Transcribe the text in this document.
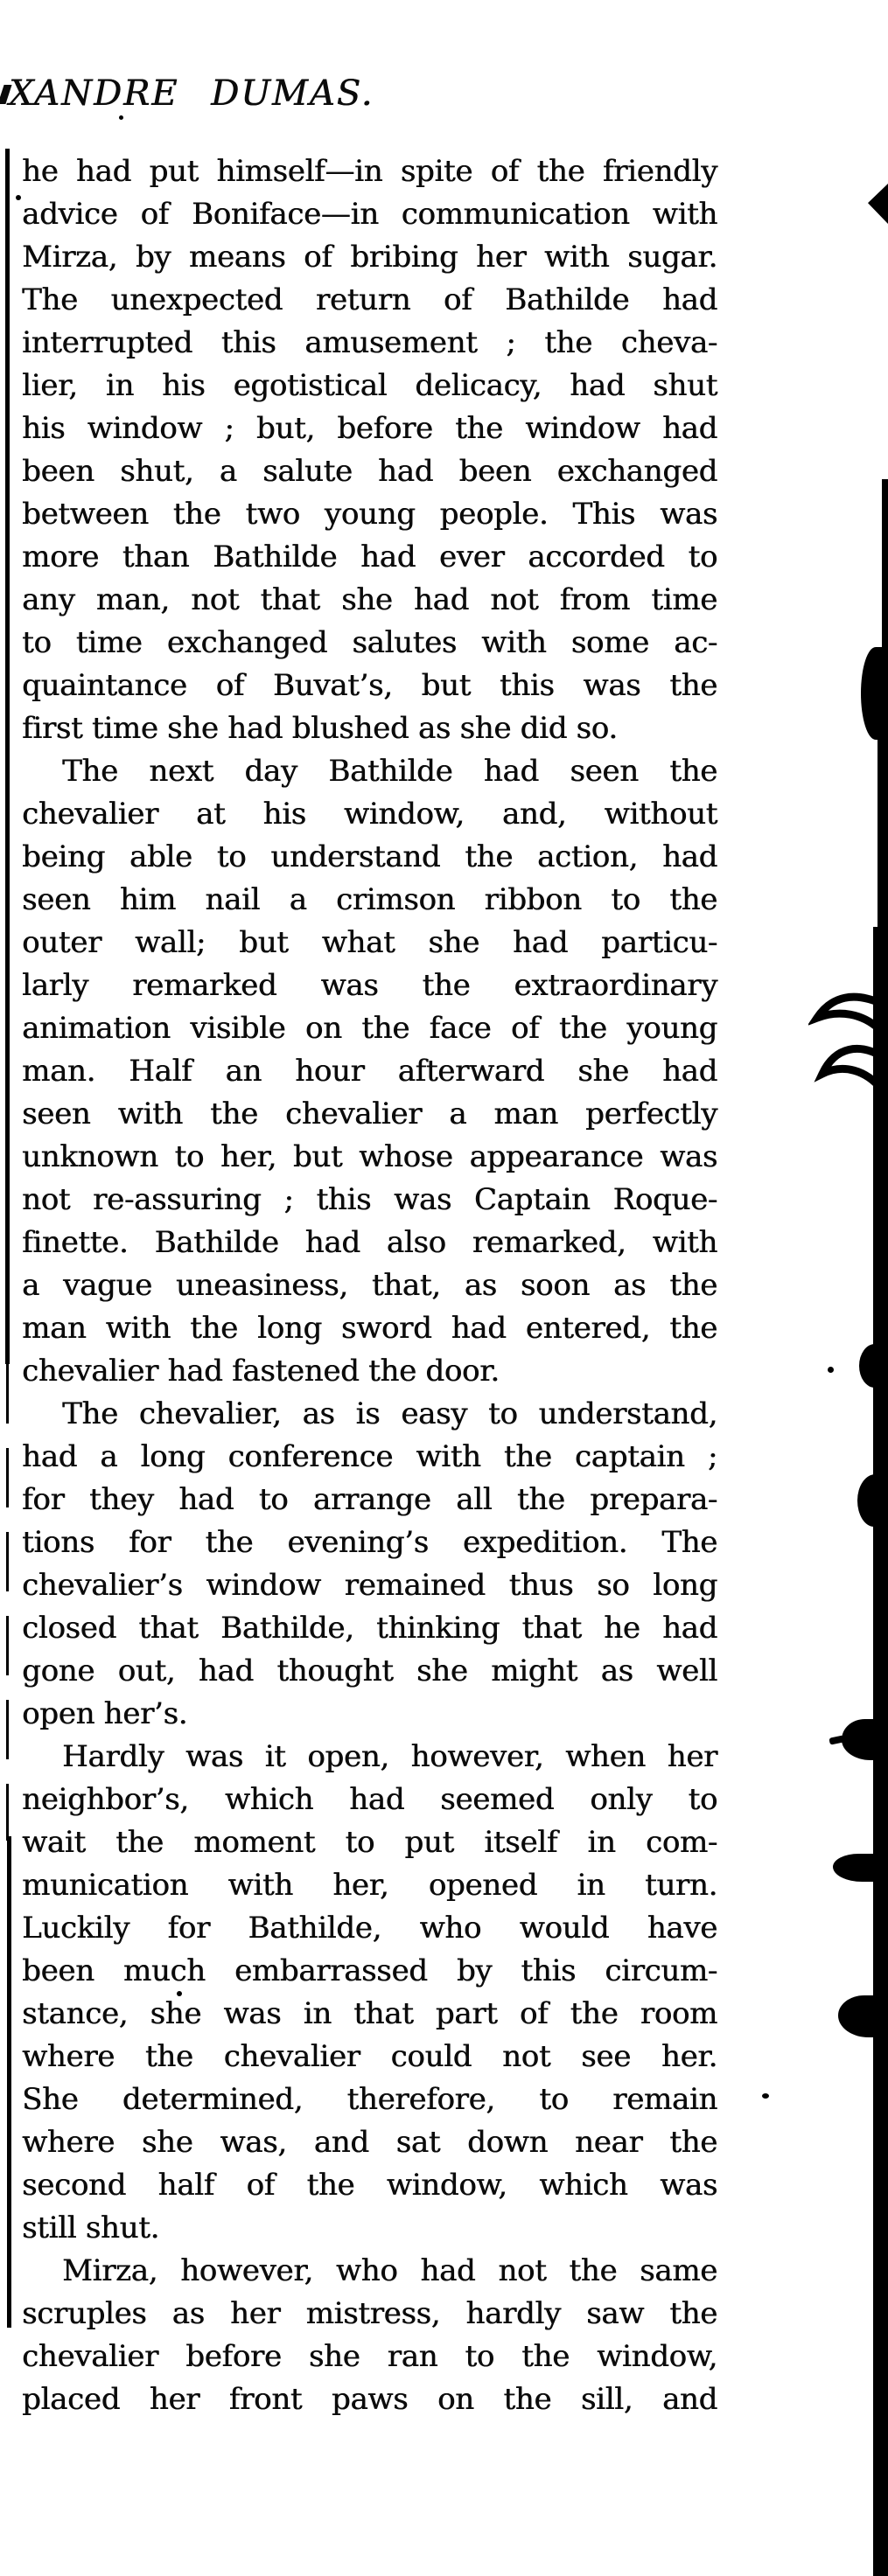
XANDRE DUMAS.
he had put himself—in spite of the friendly
advice of Boniface—in communication with
Mirza, by means of bribing her with sugar.
The unexpected return of Bathilde had
interrupted this amusement ; the cheva-
lier, in his egotistical delicacy, had shut
his window ; but, before the window had
been shut, a salute had been exchanged
between the two young people. This was
more than Bathilde had ever accorded to
any man, not that she had not from time
to time exchanged salutes with some ac-
quaintance of Buvat’s, but this was the
first time she had blushed as she did so.
The next day Bathilde had seen the
chevalier at his window, and, without
being able to understand the action, had
seen him nail a crimson ribbon to the
outer wall; but what she had particu-
larly remarked was the extraordinary
animation visible on the face of the young
man. Half an hour afterward she had
seen with the chevalier a man perfectly
unknown to her, but whose appearance was
not re-assuring ; this was Captain Roque-
finette. Bathilde had also remarked, with
a vague uneasiness, that, as soon as the
man with the long sword had entered, the
chevalier had fastened the door.
The chevalier, as is easy to understand,
had a long conference with the captain ;
for they had to arrange all the prepara-
tions for the evening’s expedition. The
chevalier’s window remained thus so long
closed that Bathilde, thinking that he had
gone out, had thought she might as well
open her’s.
Hardly was it open, however, when her
neighbor’s, which had seemed only to
wait the moment to put itself in com-
munication with her, opened in turn.
Luckily for Bathilde, who would have
been much embarrassed by this circum-
stance, she was in that part of the room
where the chevalier could not see her.
She determined, therefore, to remain
where she was, and sat down near the
second half of the window, which was
still shut.
Mirza, however, who had not the same
scruples as her mistress, hardly saw the
chevalier before she ran to the window,
placed her front paws on the sill, and
